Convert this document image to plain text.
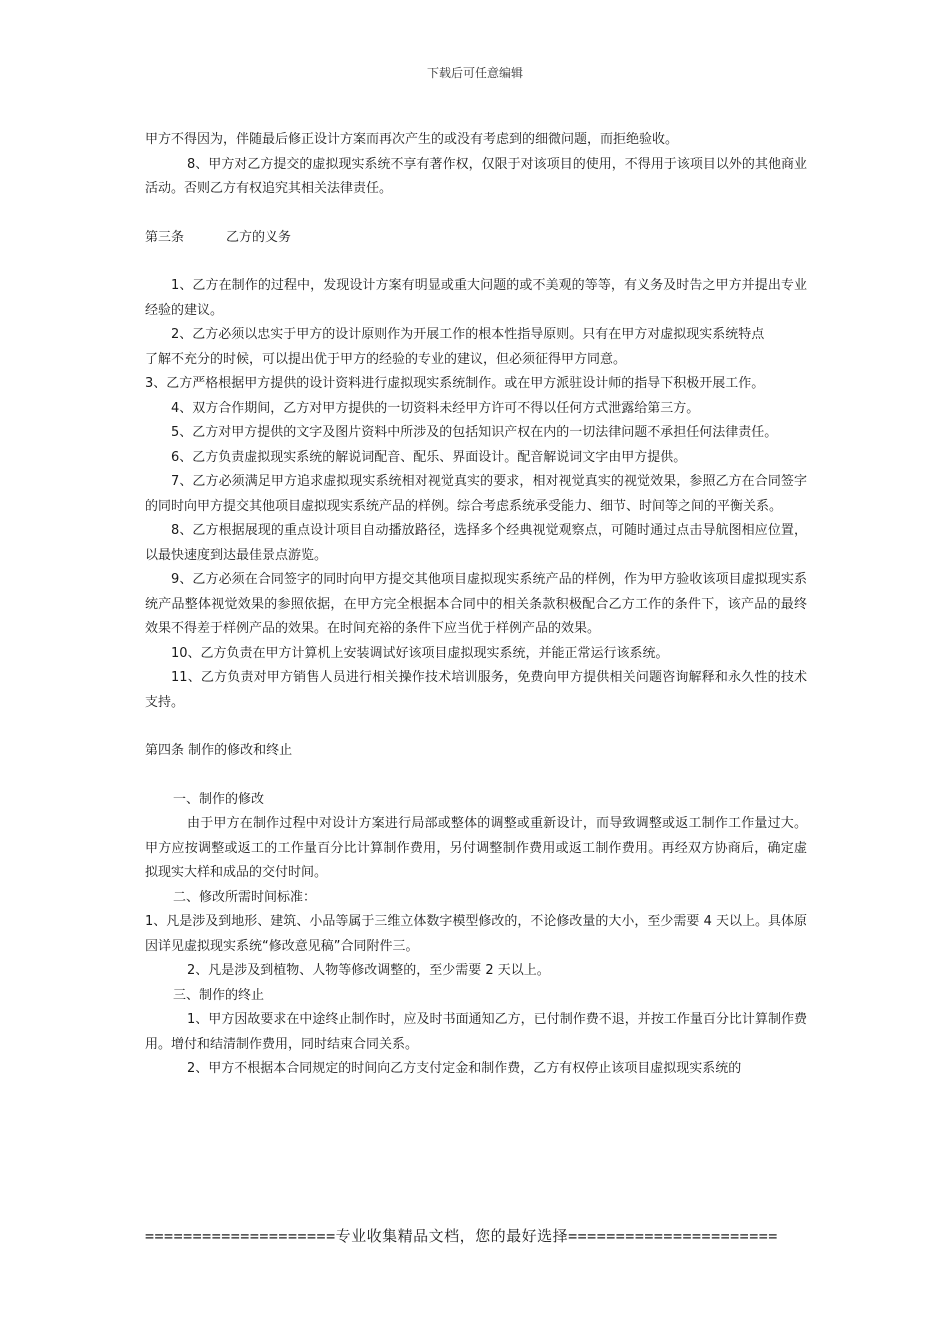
下载后可任意编辑

甲方不得因为，伴随最后修正设计方案而再次产生的或没有考虑到的细微问题，而拒绝验收。

8、甲方对乙方提交的虚拟现实系统不享有著作权，仅限于对该项目的使用，不得用于该项目以外的其他商业活动。否则乙方有权追究其相关法律责任。

第三条	乙方的义务

1、乙方在制作的过程中，发现设计方案有明显或重大问题的或不美观的等等，有义务及时告之甲方并提出专业经验的建议。

2、乙方必须以忠实于甲方的设计原则作为开展工作的根本性指导原则。只有在甲方对虚拟现实系统特点

了解不充分的时候，可以提出优于甲方的经验的专业的建议，但必须征得甲方同意。

3、乙方严格根据甲方提供的设计资料进行虚拟现实系统制作。或在甲方派驻设计师的指导下积极开展工作。

4、双方合作期间，乙方对甲方提供的一切资料未经甲方许可不得以任何方式泄露给第三方。

5、乙方对甲方提供的文字及图片资料中所涉及的包括知识产权在内的一切法律问题不承担任何法律责任。

6、乙方负责虚拟现实系统的解说词配音、配乐、界面设计。配音解说词文字由甲方提供。

7、乙方必须满足甲方追求虚拟现实系统相对视觉真实的要求，相对视觉真实的视觉效果，参照乙方在合同签字的同时向甲方提交其他项目虚拟现实系统产品的样例。综合考虑系统承受能力、细节、时间等之间的平衡关系。

8、乙方根据展现的重点设计项目自动播放路径，选择多个经典视觉观察点，可随时通过点击导航图相应位置，以最快速度到达最佳景点游览。

9、乙方必须在合同签字的同时向甲方提交其他项目虚拟现实系统产品的样例，作为甲方验收该项目虚拟现实系统产品整体视觉效果的参照依据，在甲方完全根据本合同中的相关条款积极配合乙方工作的条件下，该产品的最终效果不得差于样例产品的效果。在时间充裕的条件下应当优于样例产品的效果。

10、乙方负责在甲方计算机上安装调试好该项目虚拟现实系统，并能正常运行该系统。

11、乙方负责对甲方销售人员进行相关操作技术培训服务，免费向甲方提供相关问题咨询解释和永久性的技术支持。

第四条 制作的修改和终止

一、制作的修改

由于甲方在制作过程中对设计方案进行局部或整体的调整或重新设计，而导致调整或返工制作工作量过大。甲方应按调整或返工的工作量百分比计算制作费用，另付调整制作费用或返工制作费用。再经双方协商后，确定虚拟现实大样和成品的交付时间。

二、修改所需时间标准：

1、凡是涉及到地形、建筑、小品等属于三维立体数字模型修改的，不论修改量的大小，至少需要 4 天以上。具体原因详见虚拟现实系统“修改意见稿”合同附件三。

2、凡是涉及到植物、人物等修改调整的，至少需要 2 天以上。

三、制作的终止

1、甲方因故要求在中途终止制作时，应及时书面通知乙方，已付制作费不退，并按工作量百分比计算制作费用。增付和结清制作费用，同时结束合同关系。

2、甲方不根据本合同规定的时间向乙方支付定金和制作费，乙方有权停止该项目虚拟现实系统的

====================专业收集精品文档，您的最好选择======================
